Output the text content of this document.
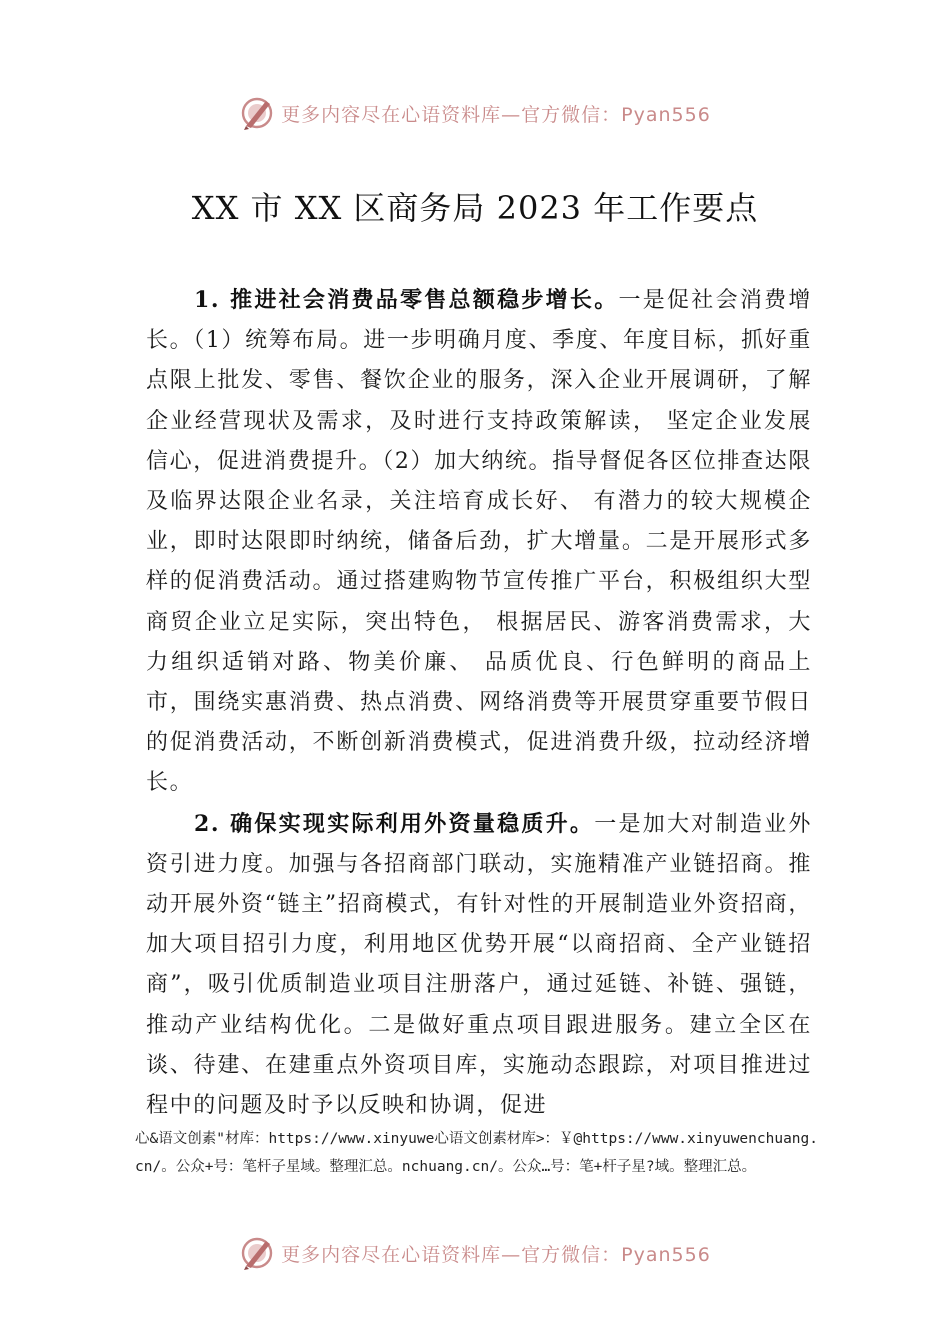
更多内容尽在心语资料库—官方微信：Pyan556
XX 市 XX 区商务局 2023 年工作要点

1. 推进社会消费品零售总额稳步增长。一是促社会消费增长。（1）统筹布局。进一步明确月度、季度、年度目标，抓好重点限上批发、零售、餐饮企业的服务，深入企业开展调研，了解企业经营现状及需求，及时进行支持政策解读， 坚定企业发展信心，促进消费提升。（2）加大纳统。指导督促各区位排查达限及临界达限企业名录，关注培育成长好、 有潜力的较大规模企业，即时达限即时纳统，储备后劲，扩大增量。二是开展形式多样的促消费活动。通过搭建购物节宣传推广平台，积极组织大型商贸企业立足实际，突出特色， 根据居民、游客消费需求，大力组织适销对路、物美价廉、 品质优良、行色鲜明的商品上市，围绕实惠消费、热点消费、网络消费等开展贯穿重要节假日的促消费活动，不断创新消费模式，促进消费升级，拉动经济增长。

2. 确保实现实际利用外资量稳质升。一是加大对制造业外资引进力度。加强与各招商部门联动，实施精准产业链招商。推动开展外资“链主”招商模式，有针对性的开展制造业外资招商，加大项目招引力度，利用地区优势开展“以商招商、全产业链招商”，吸引优质制造业项目注册落户，通过延链、补链、强链，推动产业结构优化。二是做好重点项目跟进服务。建立全区在谈、待建、在建重点外资项目库，实施动态跟踪，对项目推进过程中的问题及时予以反映和协调，促进

心&语文创素"材库：https://www.xinyuwe心语文创素材库>：￥@https://www.xinyuwenchuang.cn/。公众+号：笔杆子星域。整理汇总。nchuang.cn/。公众…号：笔+杆子星?域。整理汇总。
更多内容尽在心语资料库—官方微信：Pyan556
